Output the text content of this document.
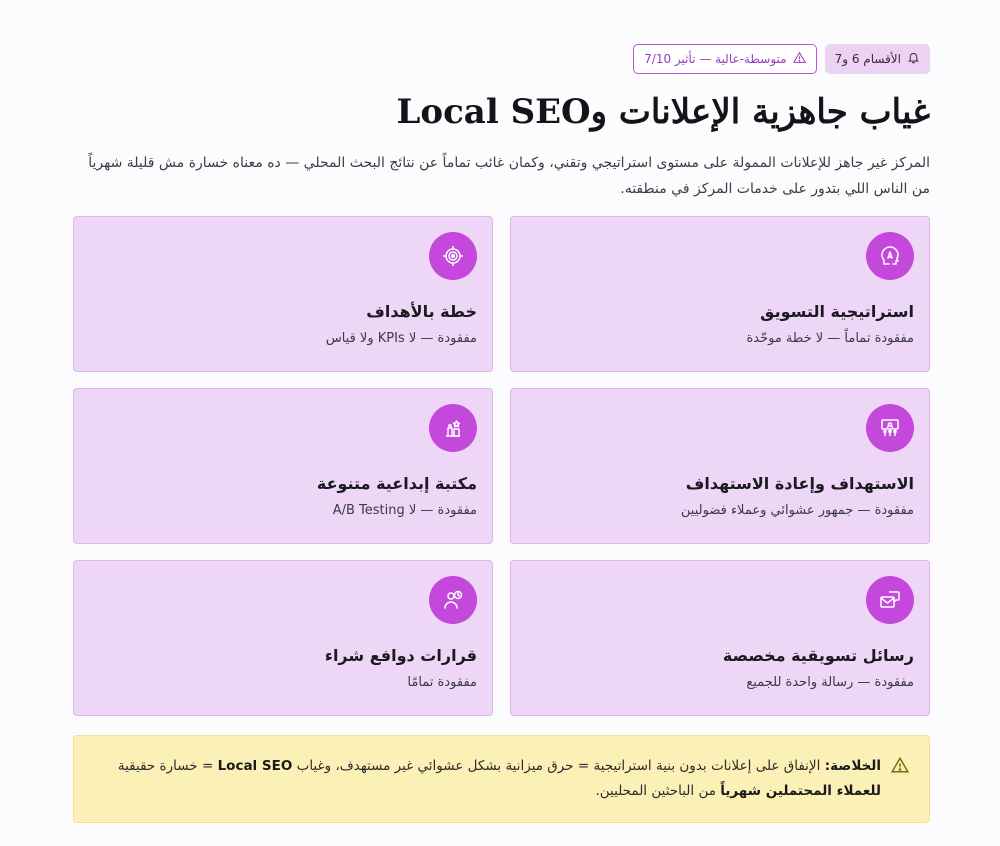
الأقسام 6 و7
متوسطة-عالية — تأثير 7/10
غياب جاهزية الإعلانات وLocal SEO

المركز غير جاهز للإعلانات الممولة على مستوى استراتيجي وتقني، وكمان غائب تماماً عن نتائج البحث المحلي — ده معناه خسارة مش قليلة شهرياً من الناس اللي بتدور على خدمات المركز في منطقته.

استراتيجية التسويق
مفقودة تماماً — لا خطة موحّدة
خطة بالأهداف
مفقودة — لا KPIs ولا قياس
الاستهداف وإعادة الاستهداف
مفقودة — جمهور عشوائي وعملاء فضوليين
مكتبة إبداعية متنوعة
مفقودة — لا A/B Testing
رسائل تسويقية مخصصة
مفقودة — رسالة واحدة للجميع
قرارات دوافع شراء
مفقودة تمامًا

الخلاصة: الإنفاق على إعلانات بدون بنية استراتيجية = حرق ميزانية بشكل عشوائي غير مستهدف، وغياب Local SEO = خسارة حقيقية للعملاء المحتملين شهرياً من الباحثين المحليين.
